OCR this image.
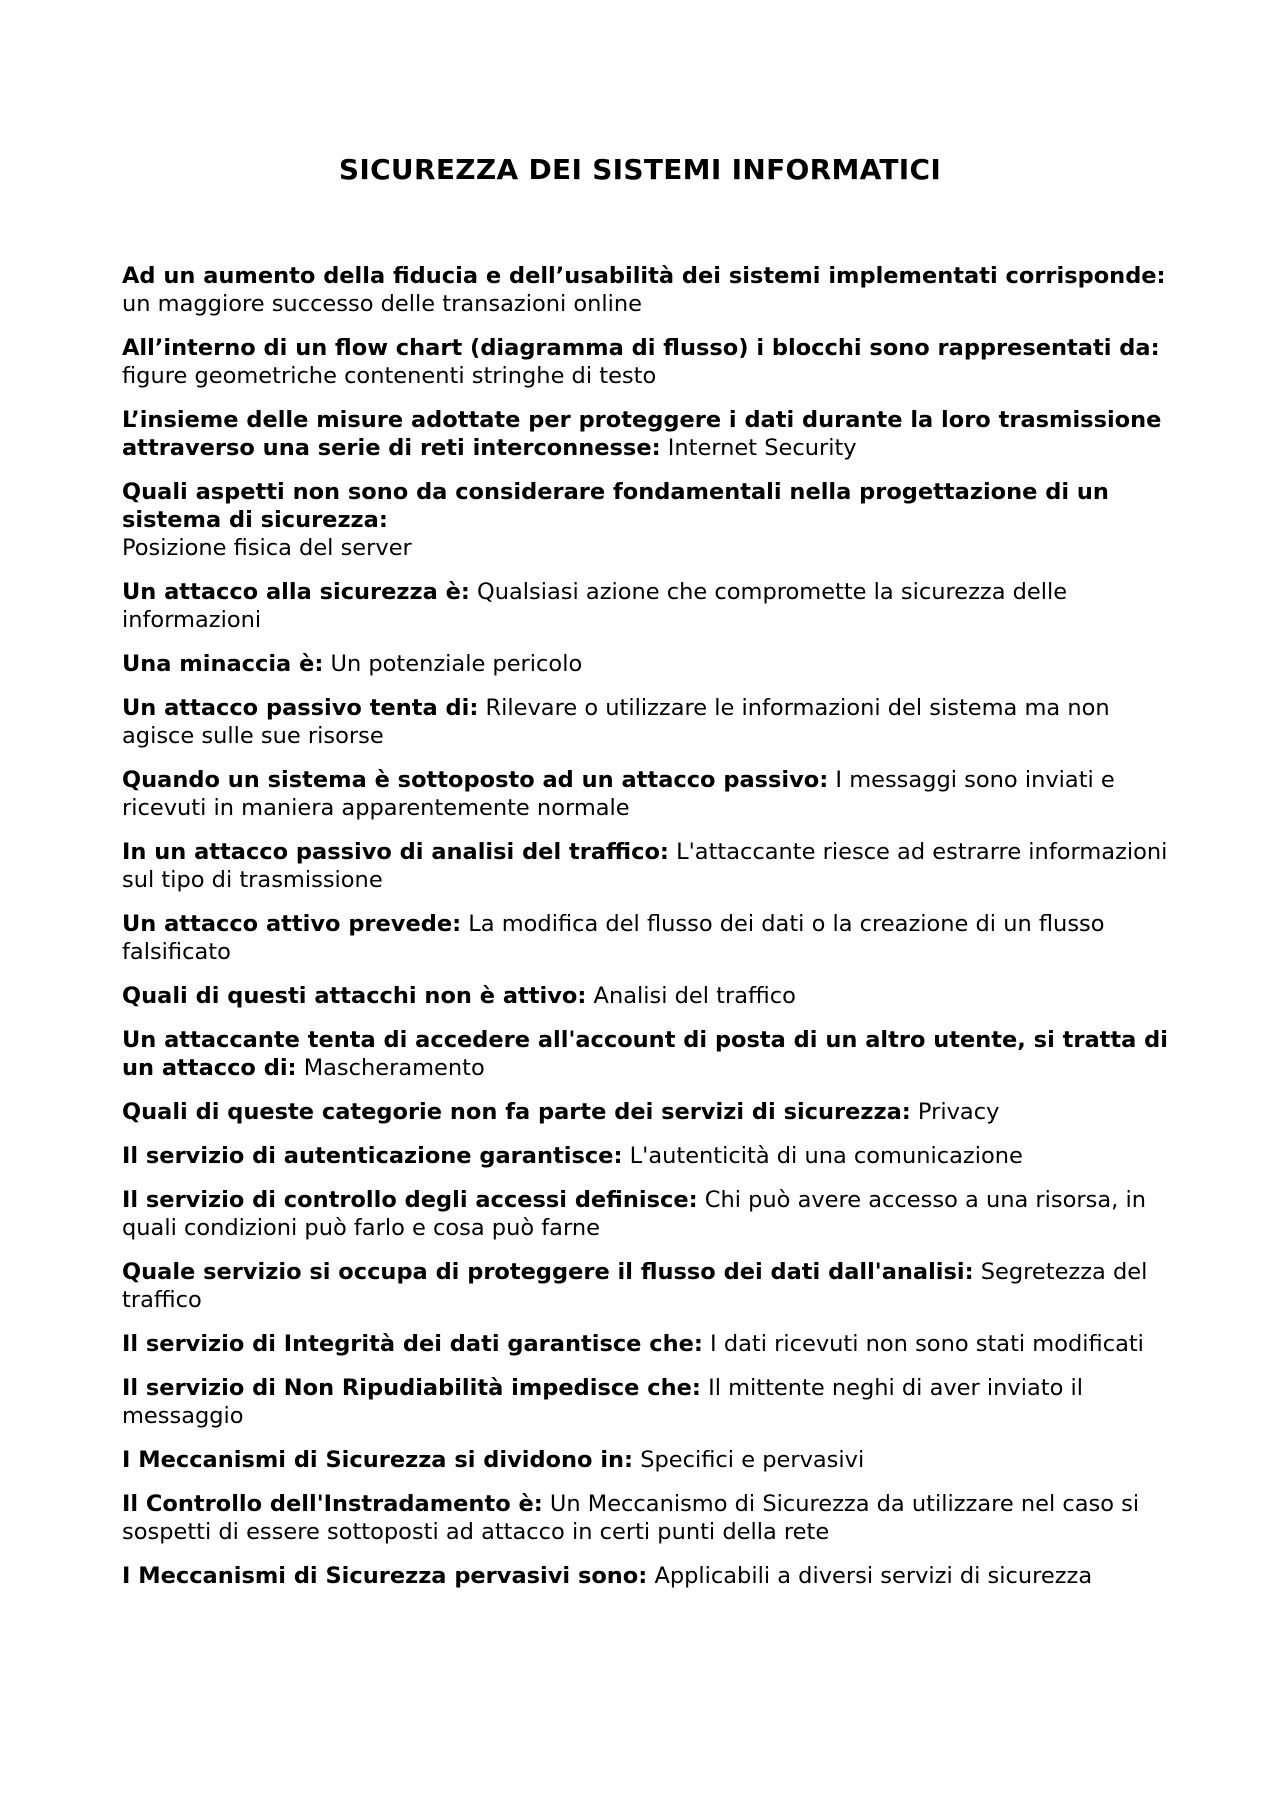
SICUREZZA DEI SISTEMI INFORMATICI
Ad un aumento della fiducia e dell’usabilità dei sistemi implementati corrisponde: un maggiore successo delle transazioni online
All’interno di un flow chart (diagramma di flusso) i blocchi sono rappresentati da: figure geometriche contenenti stringhe di testo
L’insieme delle misure adottate per proteggere i dati durante la loro trasmissione attraverso una serie di reti interconnesse: Internet Security
Quali aspetti non sono da considerare fondamentali nella progettazione di un sistema di sicurezza:
Posizione fisica del server
Un attacco alla sicurezza è: Qualsiasi azione che compromette la sicurezza delle informazioni
Una minaccia è: Un potenziale pericolo
Un attacco passivo tenta di: Rilevare o utilizzare le informazioni del sistema ma non agisce sulle sue risorse
Quando un sistema è sottoposto ad un attacco passivo: I messaggi sono inviati e ricevuti in maniera apparentemente normale
In un attacco passivo di analisi del traffico: L'attaccante riesce ad estrarre informazioni sul tipo di trasmissione
Un attacco attivo prevede: La modifica del flusso dei dati o la creazione di un flusso falsificato
Quali di questi attacchi non è attivo: Analisi del traffico
Un attaccante tenta di accedere all'account di posta di un altro utente, si tratta di un attacco di: Mascheramento
Quali di queste categorie non fa parte dei servizi di sicurezza: Privacy
Il servizio di autenticazione garantisce: L'autenticità di una comunicazione
Il servizio di controllo degli accessi definisce: Chi può avere accesso a una risorsa, in quali condizioni può farlo e cosa può farne
Quale servizio si occupa di proteggere il flusso dei dati dall'analisi: Segretezza del traffico
Il servizio di Integrità dei dati garantisce che: I dati ricevuti non sono stati modificati
Il servizio di Non Ripudiabilità impedisce che: Il mittente neghi di aver inviato il messaggio
I Meccanismi di Sicurezza si dividono in: Specifici e pervasivi
Il Controllo dell'Instradamento è: Un Meccanismo di Sicurezza da utilizzare nel caso si sospetti di essere sottoposti ad attacco in certi punti della rete
I Meccanismi di Sicurezza pervasivi sono: Applicabili a diversi servizi di sicurezza
